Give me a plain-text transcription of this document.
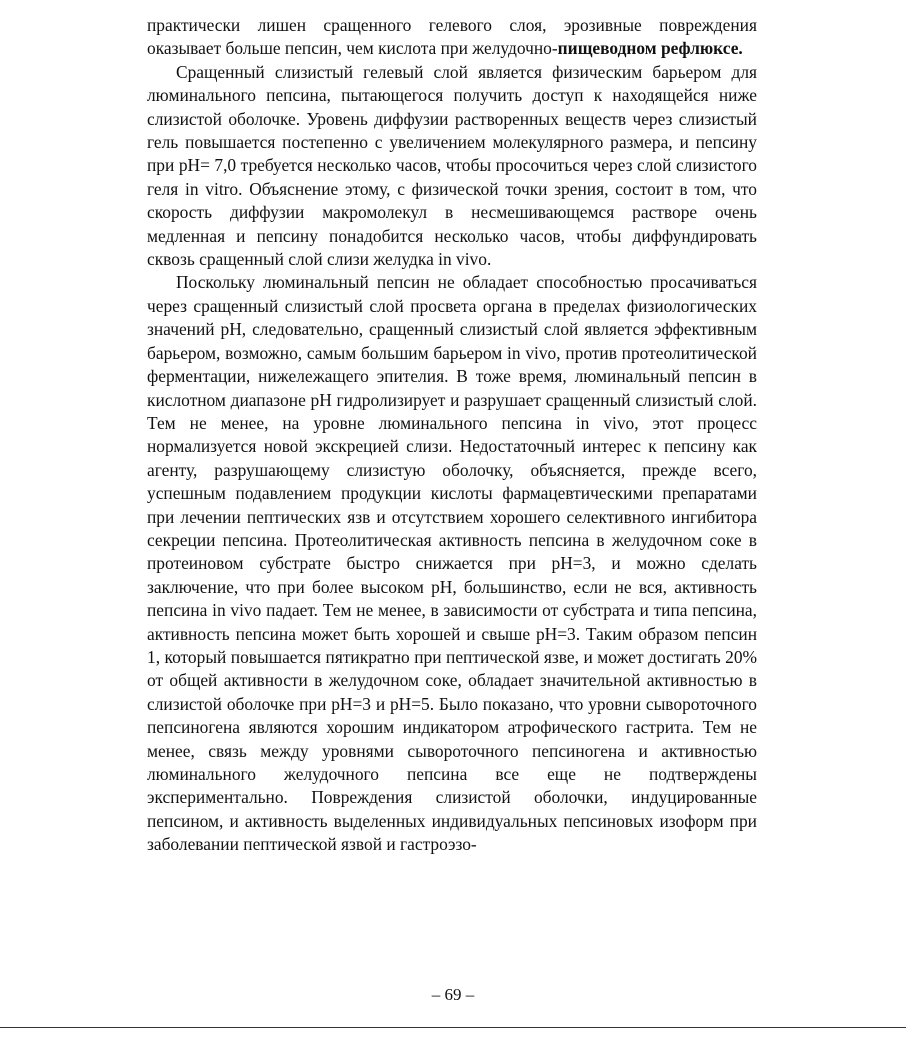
практически лишен сращенного гелевого слоя, эрозивные повреждения оказывает больше пепсин, чем кислота при желудочно-пищеводном рефлюксе.

Сращенный слизистый гелевый слой является физическим барьером для люминального пепсина, пытающегося получить доступ к находящейся ниже слизистой оболочке. Уровень диффузии растворенных веществ через слизистый гель повышается постепенно с увеличением молекулярного размера, и пепсину при pH= 7,0 требуется несколько часов, чтобы просочиться через слой слизистого геля in vitro. Объяснение этому, с физической точки зрения, состоит в том, что скорость диффузии макромолекул в несмешивающемся растворе очень медленная и пепсину понадобится несколько часов, чтобы диффундировать сквозь сращенный слой слизи желудка in vivo.

Поскольку люминальный пепсин не обладает способностью просачиваться через сращенный слизистый слой просвета органа в пределах физиологических значений pH, следовательно, сращенный слизистый слой является эффективным барьером, возможно, самым большим барьером in vivo, против протеолитической ферментации, нижележащего эпителия. В тоже время, люминальный пепсин в кислотном диапазоне pH гидролизирует и разрушает сращенный слизистый слой. Тем не менее, на уровне люминального пепсина in vivo, этот процесс нормализуется новой экскрецией слизи. Недостаточный интерес к пепсину как агенту, разрушающему слизистую оболочку, объясняется, прежде всего, успешным подавлением продукции кислоты фармацевтическими препаратами при лечении пептических язв и отсутствием хорошего селективного ингибитора секреции пепсина. Протеолитическая активность пепсина в желудочном соке в протеиновом субстрате быстро снижается при pH=3, и можно сделать заключение, что при более высоком pH, большинство, если не вся, активность пепсина in vivo падает. Тем не менее, в зависимости от субстрата и типа пепсина, активность пепсина может быть хорошей и свыше pH=3. Таким образом пепсин 1, который повышается пятикратно при пептической язве, и может достигать 20% от общей активности в желудочном соке, обладает значительной активностью в слизистой оболочке при pH=3 и pH=5. Было показано, что уровни сывороточного пепсиногена являются хорошим индикатором атрофического гастрита. Тем не менее, связь между уровнями сывороточного пепсиногена и активностью люминального желудочного пепсина все еще не подтверждены экспериментально. Повреждения слизистой оболочки, индуцированные пепсином, и активность выделенных индивидуальных пепсиновых изоформ при заболевании пептической язвой и гастроэзо-

– 69 –
